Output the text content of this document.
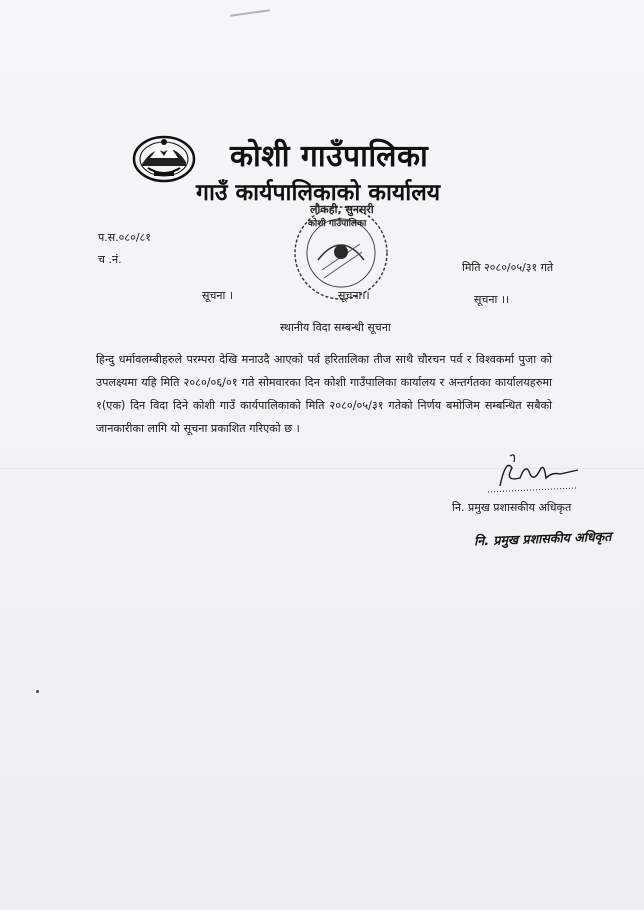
कोशी गाउँपालिका
गाउँ कार्यपालिकाको कार्यालय
लौकही, सुनसरी
कोशी गाउँपालिका
प.स.०८०/८१
च .नं.
मिति २०८०/०५/३१ गते
सूचना ।	सूचना।।	सूचना ।।
स्थानीय विदा सम्बन्धी सूचना
हिन्दु धर्मावलम्बीहरुले परम्परा देखि मनाउदै आएको पर्व हरितालिका तीज साथै चौरचन पर्व र विश्वकर्मा पुजा को उपलक्ष्यमा यहि मिति २०८०/०६/०१ गते सोमवारका दिन कोशी गाउँपालिका कार्यालय र अन्तर्गतका कार्यालयहरुमा १(एक) दिन विदा दिने कोशी गाउँ कार्यपालिकाको मिति २०८०/०५/३१ गतेको निर्णय बमोजिम सम्बन्धित सबैको जानकारीका लागि यो सूचना प्रकाशित गरिएको छ ।
नि. प्रमुख प्रशासकीय अधिकृत
नि. प्रमुख प्रशासकीय अधिकृत
